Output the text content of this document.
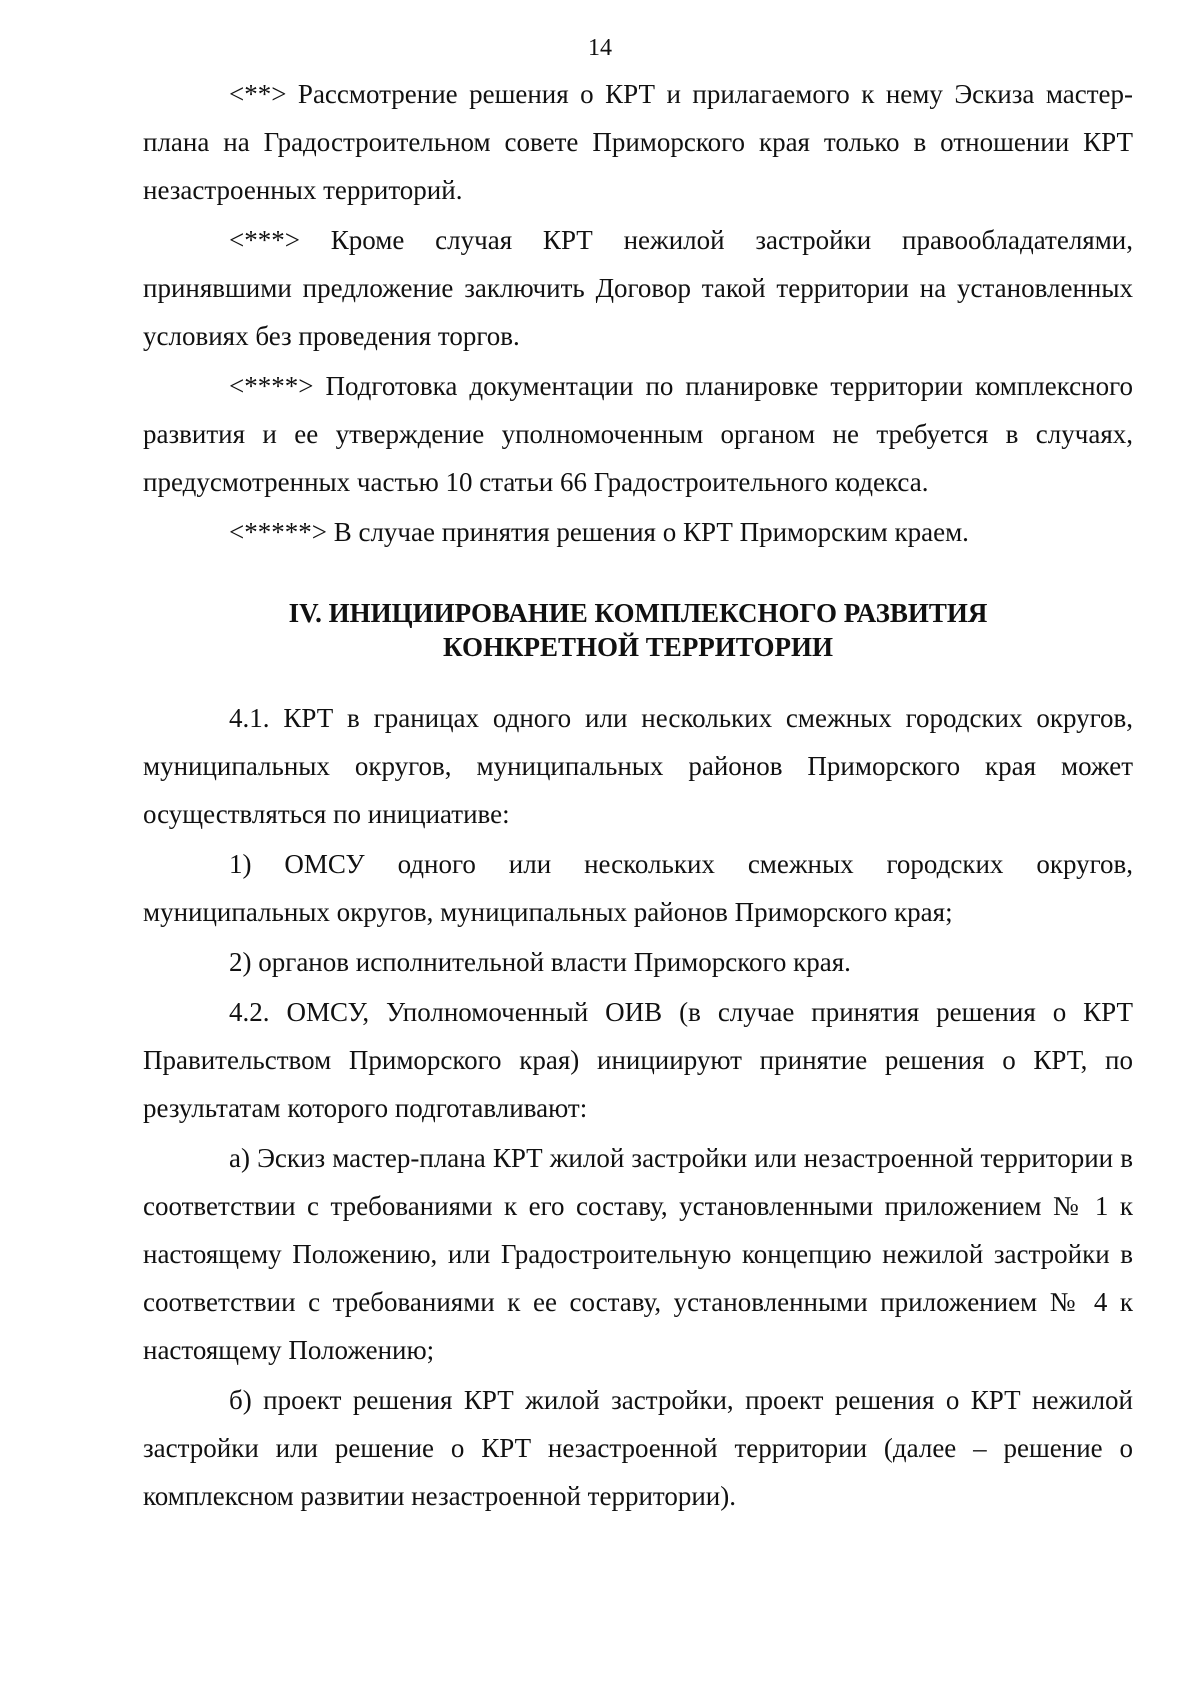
14

<**> Рассмотрение решения о КРТ и прилагаемого к нему Эскиза мастер-плана на Градостроительном совете Приморского края только в отношении КРТ незастроенных территорий.

<***> Кроме случая КРТ нежилой застройки правообладателями, принявшими предложение заключить Договор такой территории на установленных условиях без проведения торгов.

<****> Подготовка документации по планировке территории комплексного развития и ее утверждение уполномоченным органом не требуется в случаях, предусмотренных частью 10 статьи 66 Градостроительного кодекса.

<*****> В случае принятия решения о КРТ Приморским краем.

IV. ИНИЦИИРОВАНИЕ КОМПЛЕКСНОГО РАЗВИТИЯ
КОНКРЕТНОЙ ТЕРРИТОРИИ

4.1. КРТ в границах одного или нескольких смежных городских округов, муниципальных округов, муниципальных районов Приморского края может осуществляться по инициативе:

1) ОМСУ одного или нескольких смежных городских округов, муниципальных округов, муниципальных районов Приморского края;

2) органов исполнительной власти Приморского края.

4.2. ОМСУ, Уполномоченный ОИВ (в случае принятия решения о КРТ Правительством Приморского края) инициируют принятие решения о КРТ, по результатам которого подготавливают:

а) Эскиз мастер-плана КРТ жилой застройки или незастроенной территории в соответствии с требованиями к его составу, установленными приложением № 1 к настоящему Положению, или Градостроительную концепцию нежилой застройки в соответствии с требованиями к ее составу, установленными приложением № 4 к настоящему Положению;

б) проект решения КРТ жилой застройки, проект решения о КРТ нежилой застройки или решение о КРТ незастроенной территории (далее – решение о комплексном развитии незастроенной территории).
